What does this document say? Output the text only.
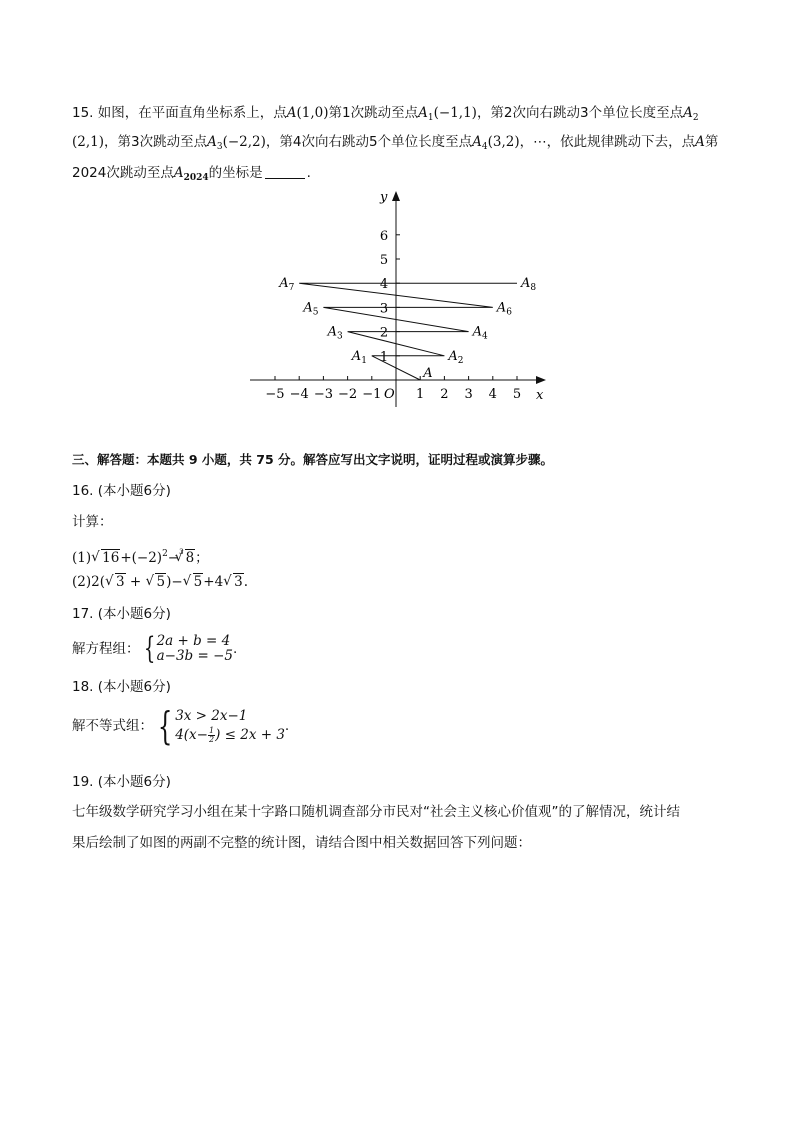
15. 如图，在平面直角坐标系上，点A(1,0)第1次跳动至点$A_1(-1,1)$，第2次向右跳动3个单位长度至点$A_2$
(2,1)，第3次跳动至点$A_3(-2,2)$，第4次向右跳动5个单位长度至点$A_4(3,2)$，⋯，依此规律跳动下去，点A第
2024次跳动至点$A_{2024}$的坐标是	.
x
y
O
−5 −4 −3 −2 −1	1 2 3 4 5
1
2
3
4
5
6
A
$A_1$	$A_2$
$A_3$	$A_4$
$A_5$	$A_6$
$A_7$	$A_8$
三、解答题：本题共 9 小题，共 75 分。解答应写出文字说明，证明过程或演算步骤。
16. (本小题6分)
计算：
(1)√ $16+(-2)^2-^3√$ 8；
(2)2(√ 3 + √ 5)−√ 5+4√ 3.
17. (本小题6分)
解方程组： { 2a + b = 4
a−3b = −5 .
18. (本小题6分)
解不等式组： { 3x > 2x−1
$4(x- \frac{1}{2}$ ) ≤ 2x + 3
.
19. (本小题6分)
七年级数学研究学习小组在某十字路口随机调查部分市民对“社会主义核心价值观”的了解情况，统计结
果后绘制了如图的两副不完整的统计图，请结合图中相关数据回答下列问题：
